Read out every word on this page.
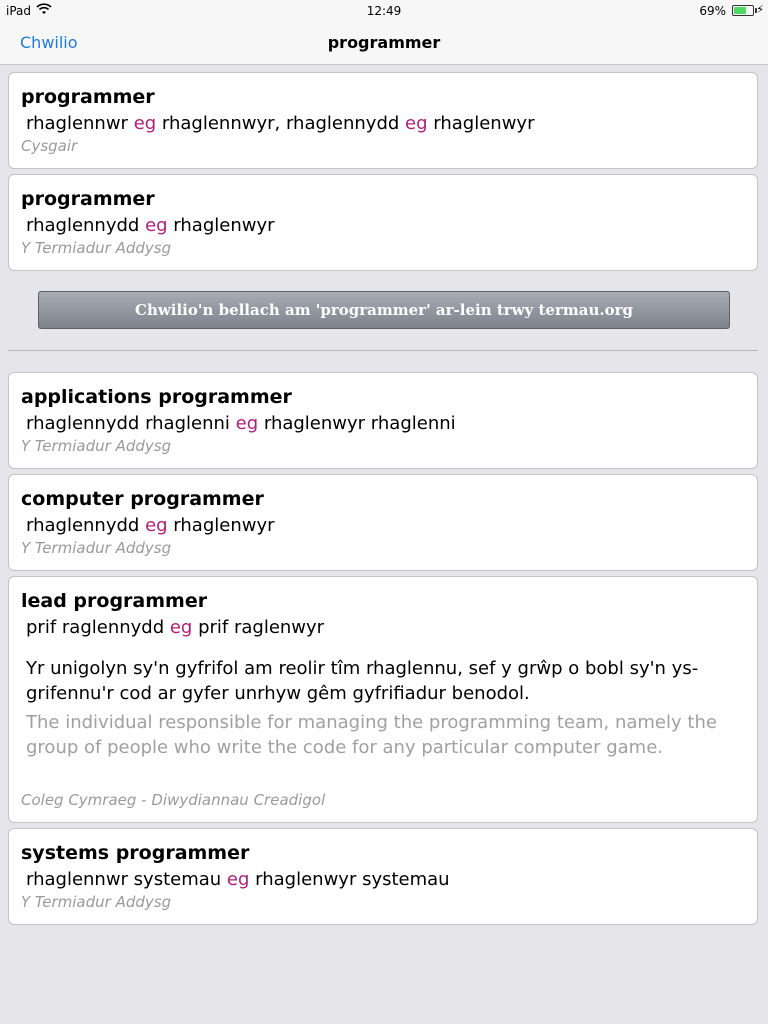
iPad	12:49	69%	⚡
Chwilio	programmer
programmer
rhaglennwr eg rhaglennwyr, rhaglennydd eg rhaglenwyr
Cysgair
programmer
rhaglennydd eg rhaglenwyr
Y Termiadur Addysg
Chwilio'n bellach am 'programmer' ar-lein trwy termau.org
applications programmer
rhaglennydd rhaglenni eg rhaglenwyr rhaglenni
Y Termiadur Addysg
computer programmer
rhaglennydd eg rhaglenwyr
Y Termiadur Addysg
lead programmer
prif raglennydd eg prif raglenwyr
Yr unigolyn sy'n gyfrifol am reolir tîm rhaglennu, sef y grŵp o bobl sy'n ys-grifennu'r cod ar gyfer unrhyw gêm gyfrifiadur benodol.
The individual responsible for managing the programming team, namely the group of people who write the code for any particular computer game.
Coleg Cymraeg - Diwydiannau Creadigol
systems programmer
rhaglennwr systemau eg rhaglenwyr systemau
Y Termiadur Addysg
